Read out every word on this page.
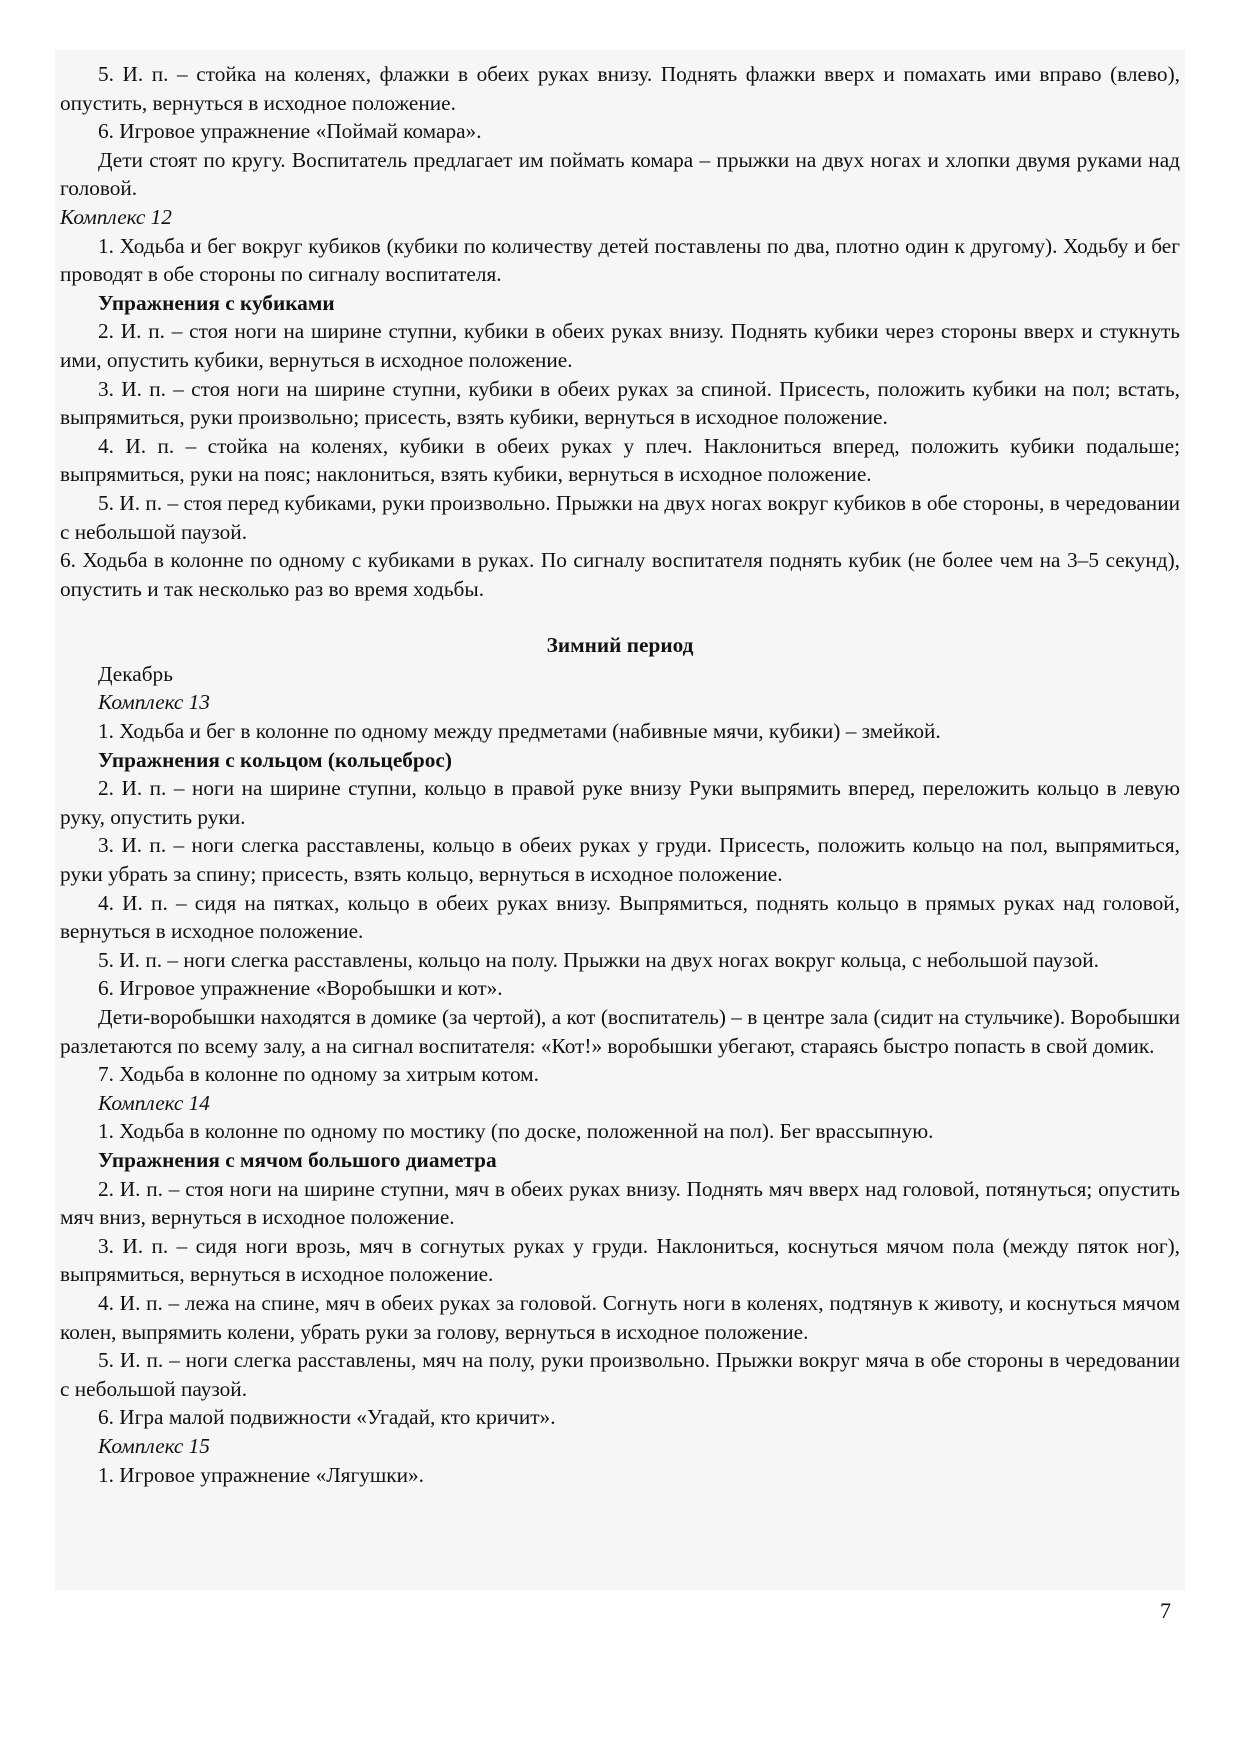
5. И. п. – стойка на коленях, флажки в обеих руках внизу. Поднять флажки вверх и помахать ими вправо (влево), опустить, вернуться в исходное положение.

6. Игровое упражнение «Поймай комара».

Дети стоят по кругу. Воспитатель предлагает им поймать комара – прыжки на двух ногах и хлопки двумя руками над головой.

Комплекс 12

1. Ходьба и бег вокруг кубиков (кубики по количеству детей поставлены по два, плотно один к другому). Ходьбу и бег проводят в обе стороны по сигналу воспитателя.

Упражнения с кубиками

2. И. п. – стоя ноги на ширине ступни, кубики в обеих руках внизу. Поднять кубики через стороны вверх и стукнуть ими, опустить кубики, вернуться в исходное положение.

3. И. п. – стоя ноги на ширине ступни, кубики в обеих руках за спиной. Присесть, положить кубики на пол; встать, выпрямиться, руки произвольно; присесть, взять кубики, вернуться в исходное положение.

4. И. п. – стойка на коленях, кубики в обеих руках у плеч. Наклониться вперед, положить кубики подальше; выпрямиться, руки на пояс; наклониться, взять кубики, вернуться в исходное положение.

5. И. п. – стоя перед кубиками, руки произвольно. Прыжки на двух ногах вокруг кубиков в обе стороны, в чередовании с небольшой паузой.

6. Ходьба в колонне по одному с кубиками в руках. По сигналу воспитателя поднять кубик (не более чем на 3–5 секунд), опустить и так несколько раз во время ходьбы.

Зимний период

Декабрь

Комплекс 13

1. Ходьба и бег в колонне по одному между предметами (набивные мячи, кубики) – змейкой.

Упражнения с кольцом (кольцеброс)

2. И. п. – ноги на ширине ступни, кольцо в правой руке внизу Руки выпрямить вперед, переложить кольцо в левую руку, опустить руки.

3. И. п. – ноги слегка расставлены, кольцо в обеих руках у груди. Присесть, положить кольцо на пол, выпрямиться, руки убрать за спину; присесть, взять кольцо, вернуться в исходное положение.

4. И. п. – сидя на пятках, кольцо в обеих руках внизу. Выпрямиться, поднять кольцо в прямых руках над головой, вернуться в исходное положение.

5. И. п. – ноги слегка расставлены, кольцо на полу. Прыжки на двух ногах вокруг кольца, с небольшой паузой.

6. Игровое упражнение «Воробышки и кот».

Дети-воробышки находятся в домике (за чертой), а кот (воспитатель) – в центре зала (сидит на стульчике). Воробышки разлетаются по всему залу, а на сигнал воспитателя: «Кот!» воробышки убегают, стараясь быстро попасть в свой домик.

7. Ходьба в колонне по одному за хитрым котом.

Комплекс 14

1. Ходьба в колонне по одному по мостику (по доске, положенной на пол). Бег врассыпную.

Упражнения с мячом большого диаметра

2. И. п. – стоя ноги на ширине ступни, мяч в обеих руках внизу. Поднять мяч вверх над головой, потянуться; опустить мяч вниз, вернуться в исходное положение.

3. И. п. – сидя ноги врозь, мяч в согнутых руках у груди. Наклониться, коснуться мячом пола (между пяток ног), выпрямиться, вернуться в исходное положение.

4. И. п. – лежа на спине, мяч в обеих руках за головой. Согнуть ноги в коленях, подтянув к животу, и коснуться мячом колен, выпрямить колени, убрать руки за голову, вернуться в исходное положение.

5. И. п. – ноги слегка расставлены, мяч на полу, руки произвольно. Прыжки вокруг мяча в обе стороны в чередовании с небольшой паузой.

6. Игра малой подвижности «Угадай, кто кричит».

Комплекс 15

1. Игровое упражнение «Лягушки».

7
